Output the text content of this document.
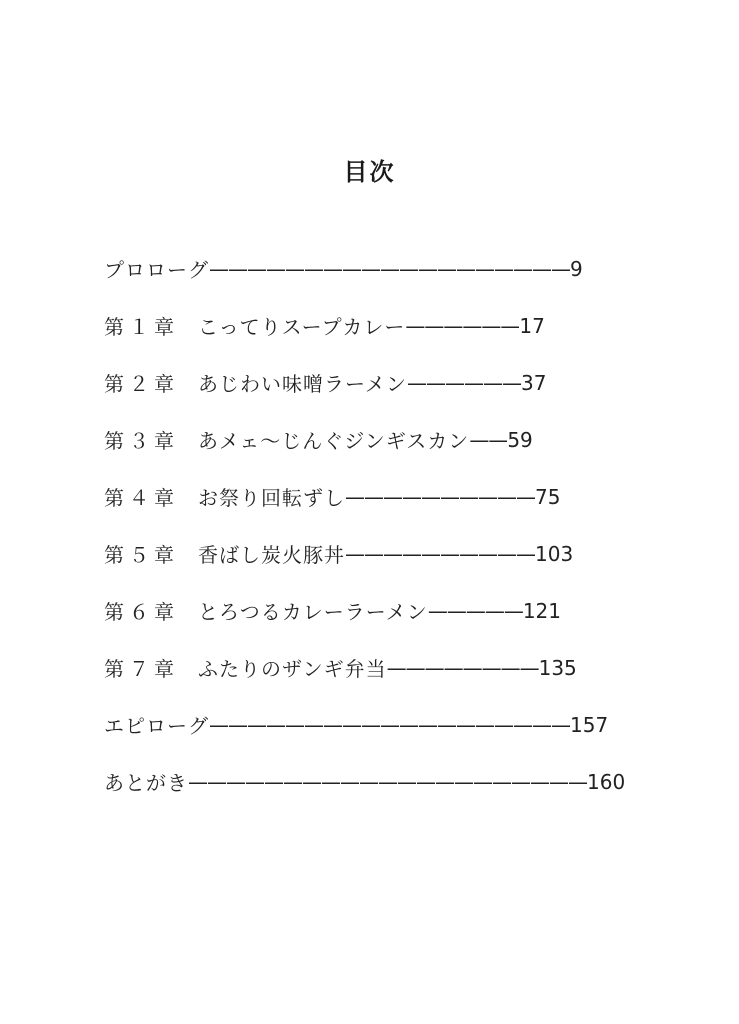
目次
プロローグ ——————————————————— 9
第１章 こってりスープカレー —————— 17
第２章 あじわい味噌ラーメン —————— 37
第３章 あメェ〜じんぐジンギスカン —— 59
第４章 お祭り回転ずし —————————— 75
第５章 香ばし炭火豚丼 —————————— 103
第６章 とろつるカレーラーメン ————— 121
第７章 ふたりのザンギ弁当 ———————— 135
エピローグ ——————————————————— 157
あとがき ————————————————————— 160
